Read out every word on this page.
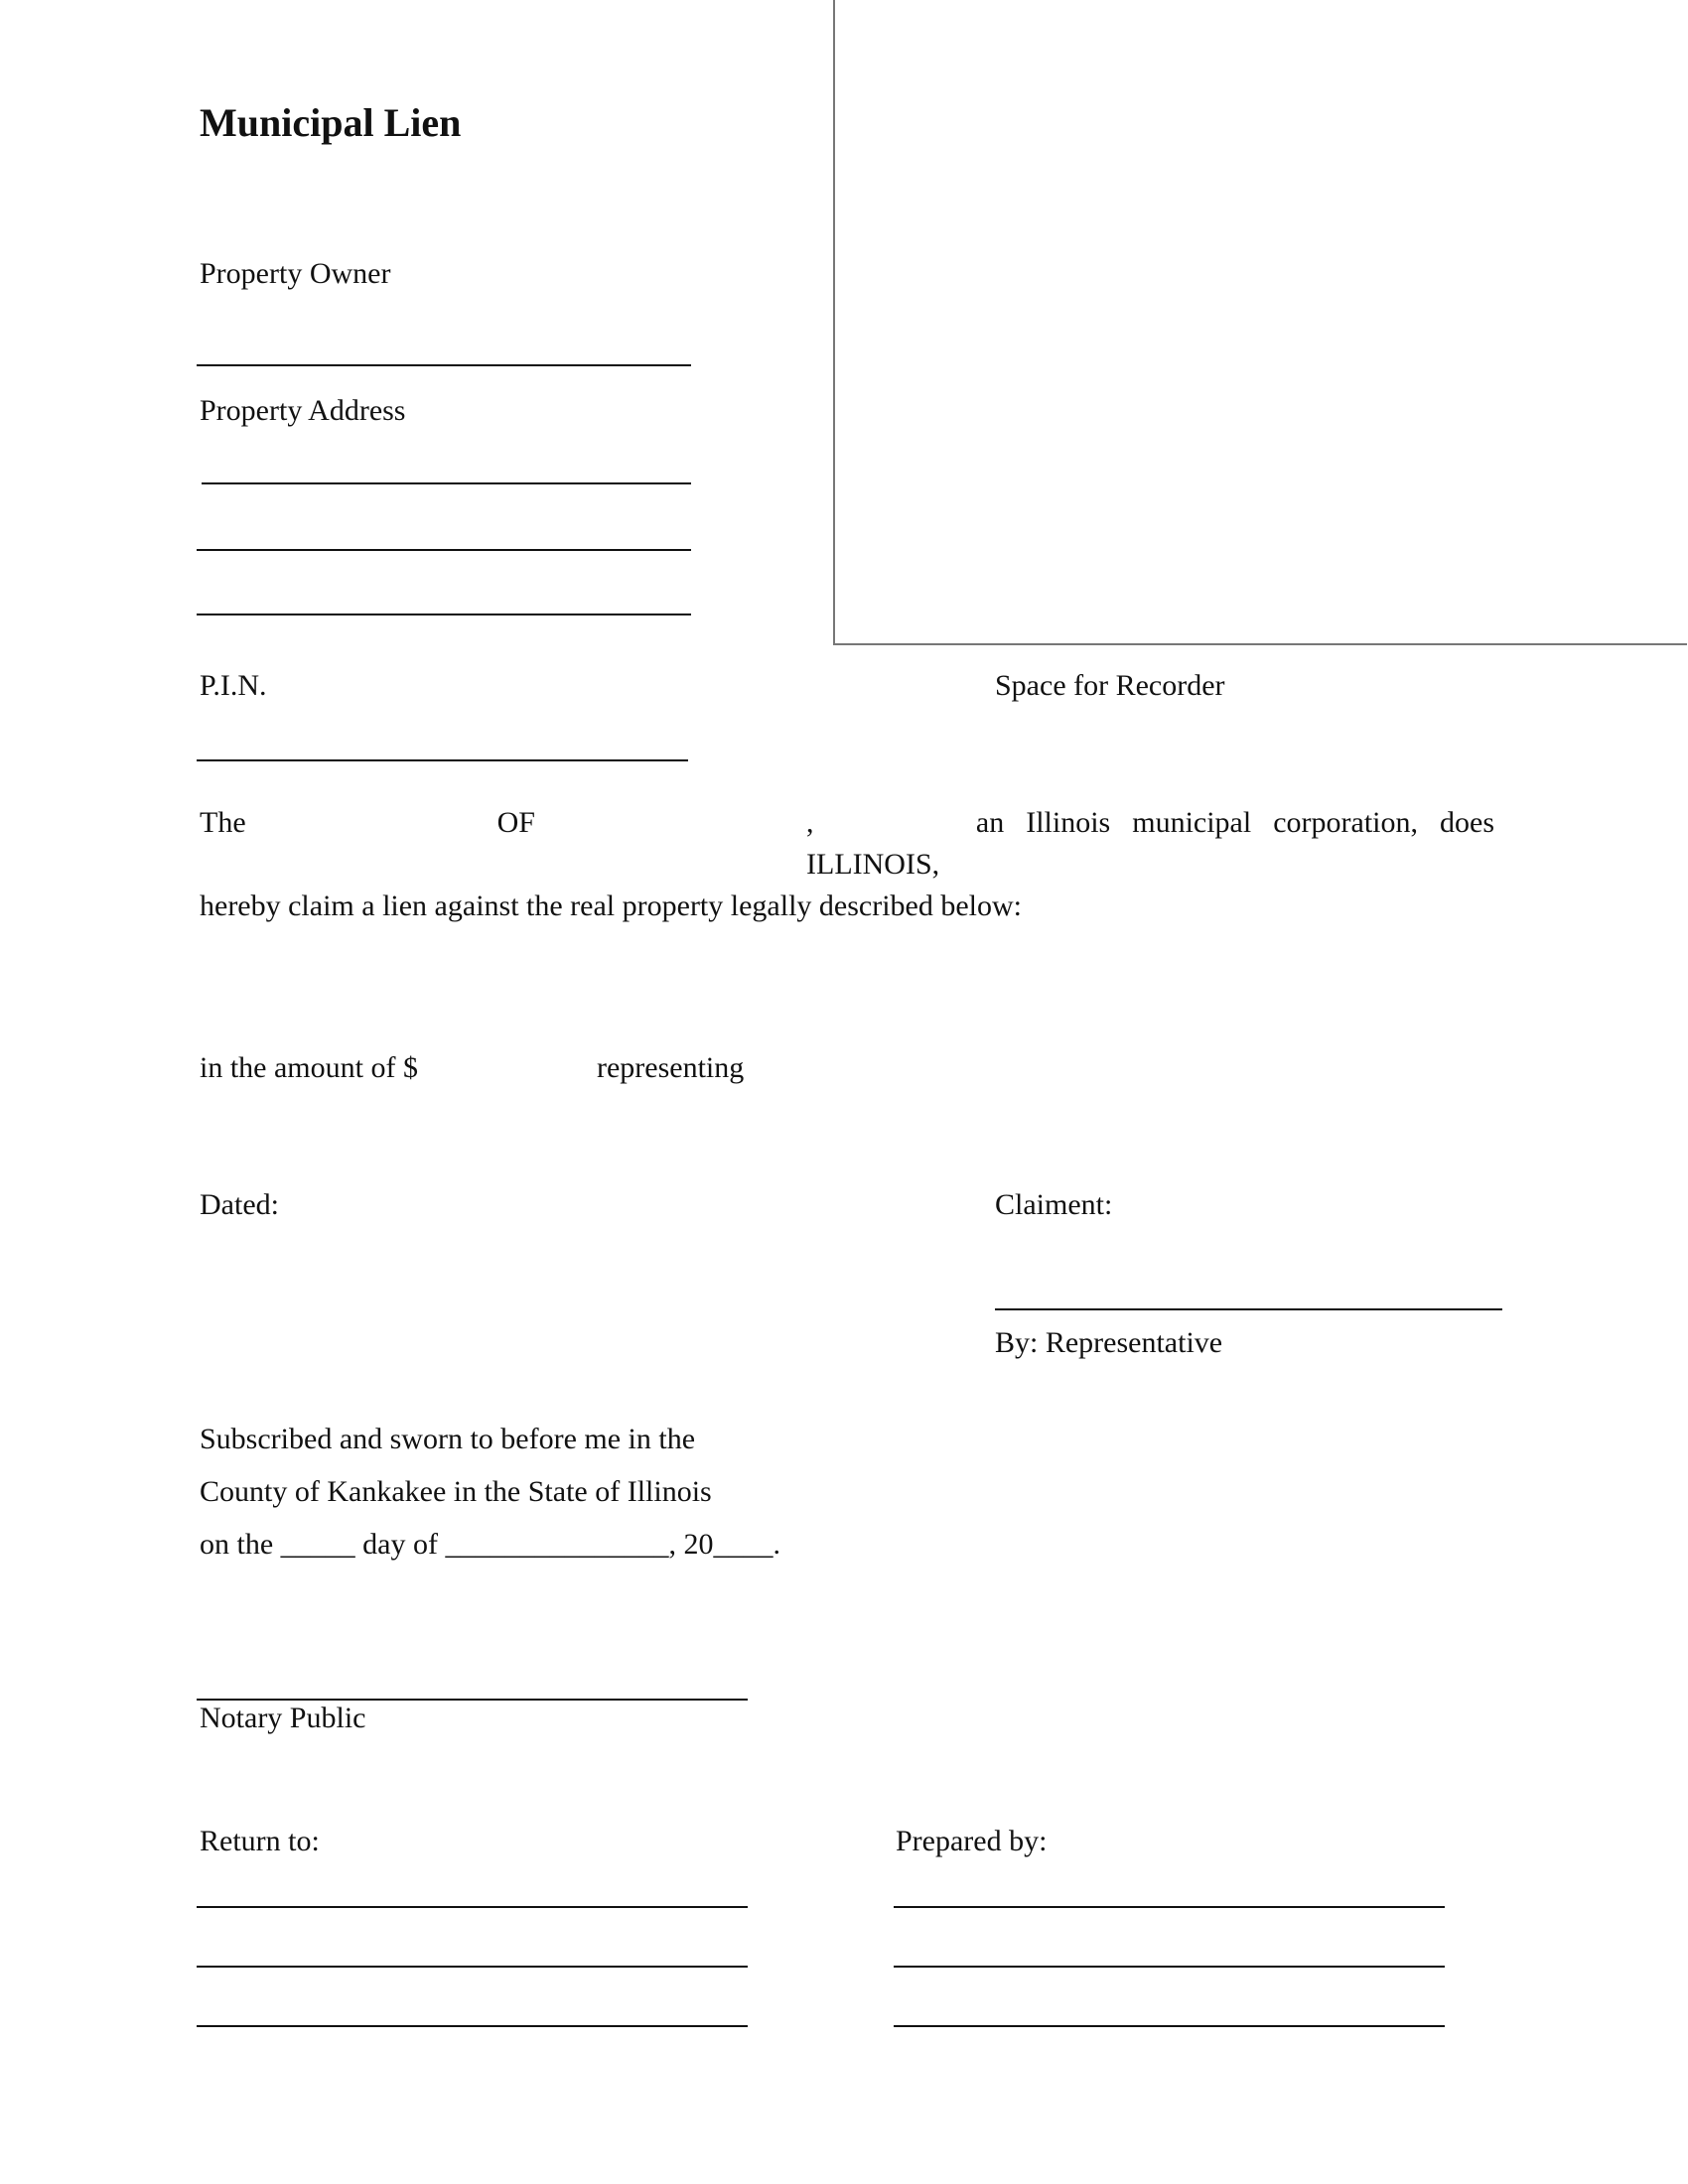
Municipal Lien
Property Owner
Property Address
P.I.N.	Space for Recorder
The	OF	, ILLINOIS,
an Illinois municipal corporation, does
hereby claim a lien against the real property legally described below:
in the amount of $	representing
Dated:	Claiment:
By: Representative

Subscribed and sworn to before me in the

County of Kankakee in the State of Illinois

on the _____ day of _______________, 20____.

Notary Public
Return to:	Prepared by:
